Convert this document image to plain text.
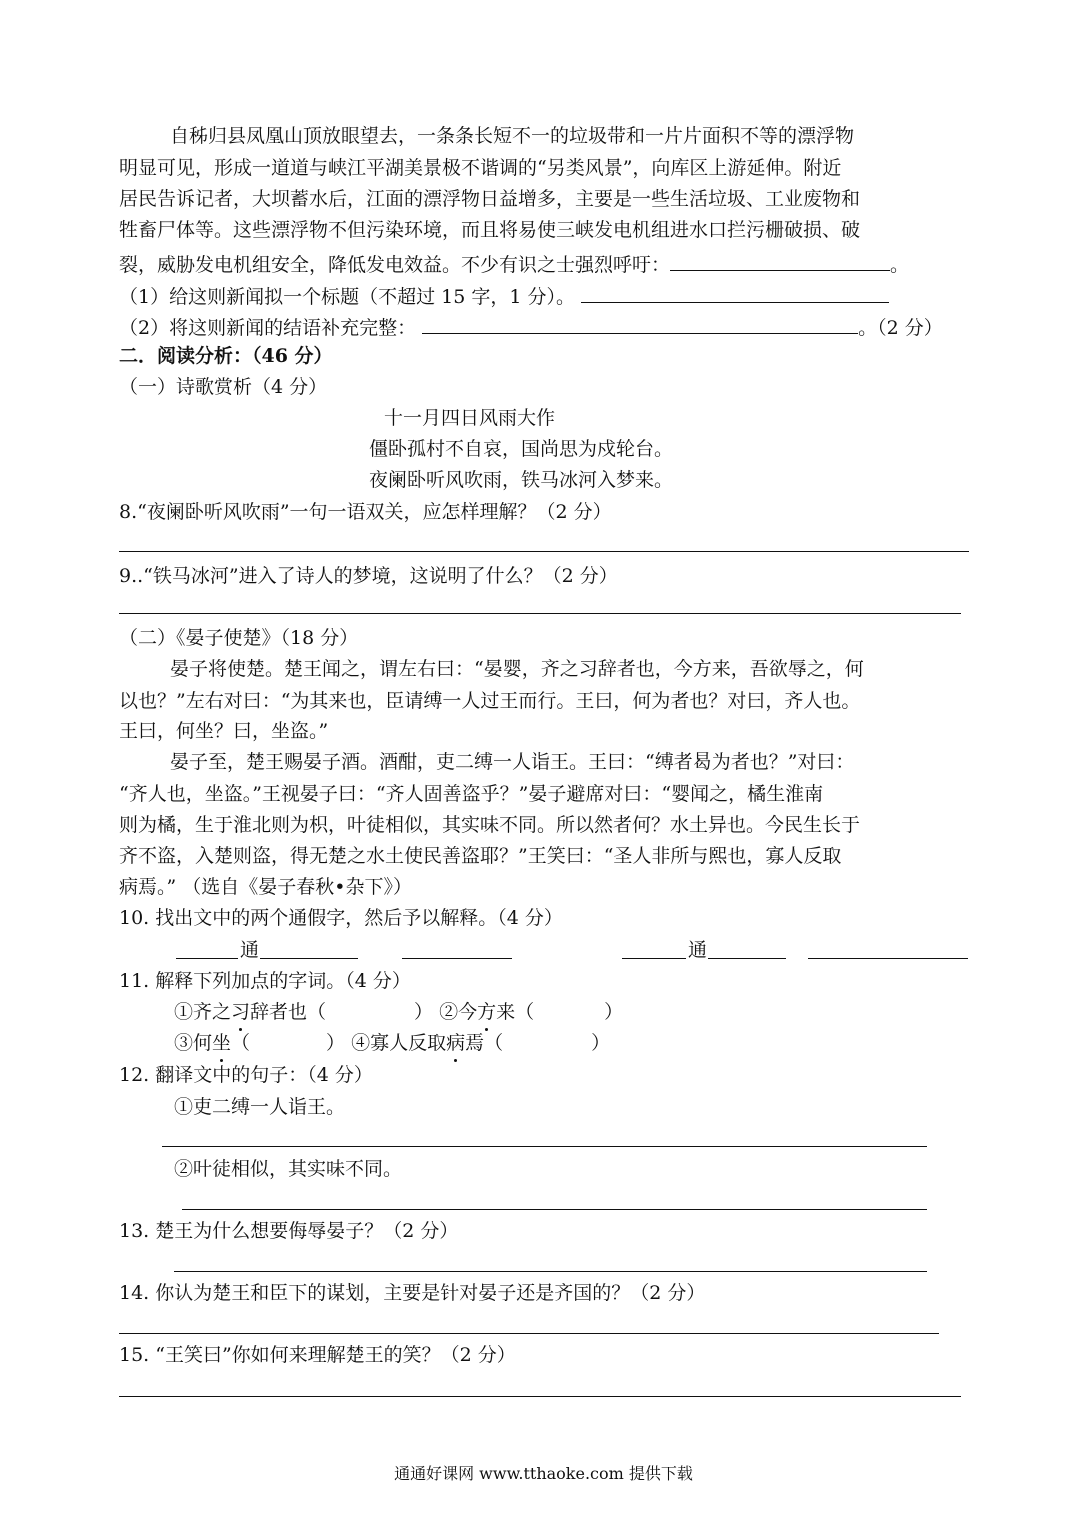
自秭归县凤凰山顶放眼望去，一条条长短不一的垃圾带和一片片面积不等的漂浮物
明显可见，形成一道道与峡江平湖美景极不谐调的“另类风景”，向库区上游延伸。附近
居民告诉记者，大坝蓄水后，江面的漂浮物日益增多，主要是一些生活垃圾、工业废物和
牲畜尸体等。这些漂浮物不但污染环境，而且将易使三峡发电机组进水口拦污栅破损、破
裂，威胁发电机组安全，降低发电效益。不少有识之士强烈呼吁：	。
（1）给这则新闻拟一个标题（不超过 15 字，1 分）。
（2）将这则新闻的结语补充完整：	。（2 分）
二．阅读分析：（46 分）
（一）诗歌赏析（4 分）
十一月四日风雨大作
僵卧孤村不自哀，国尚思为戍轮台。
夜阑卧听风吹雨，铁马冰河入梦来。
8.“夜阑卧听风吹雨”一句一语双关，应怎样理解？（2 分）
9..“铁马冰河”进入了诗人的梦境，这说明了什么？（2 分）
（二）《晏子使楚》（18 分）
晏子将使楚。楚王闻之，谓左右曰：“晏婴，齐之习辞者也，今方来，吾欲辱之，何
以也？”左右对曰：“为其来也，臣请缚一人过王而行。王曰，何为者也？对曰，齐人也。
王曰，何坐？曰，坐盗。”
晏子至，楚王赐晏子酒。酒酣，吏二缚一人诣王。王曰：“缚者曷为者也？”对曰：
“齐人也，坐盗。”王视晏子曰：“齐人固善盗乎？”晏子避席对曰：“婴闻之，橘生淮南
则为橘，生于淮北则为枳，叶徒相似，其实味不同。所以然者何？水土异也。今民生长于
齐不盗，入楚则盗，得无楚之水土使民善盗耶？”王笑曰：“圣人非所与熙也，寡人反取
病焉。” （选自《晏子春秋•杂下》）
10. 找出文中的两个通假字，然后予以解释。（4 分）
通	通
11. 解释下列加点的字词。（4 分）
①齐之习辞者也（	） ②今方来（	）
③何坐（	） ④寡人反取病焉（	）
12. 翻译文中的句子：（4 分）
①吏二缚一人诣王。
②叶徒相似，其实味不同。
13. 楚王为什么想要侮辱晏子？（2 分）
14. 你认为楚王和臣下的谋划，主要是针对晏子还是齐国的？（2 分）
15. “王笑曰”你如何来理解楚王的笑？（2 分）
通通好课网 www.tthaoke.com 提供下载
